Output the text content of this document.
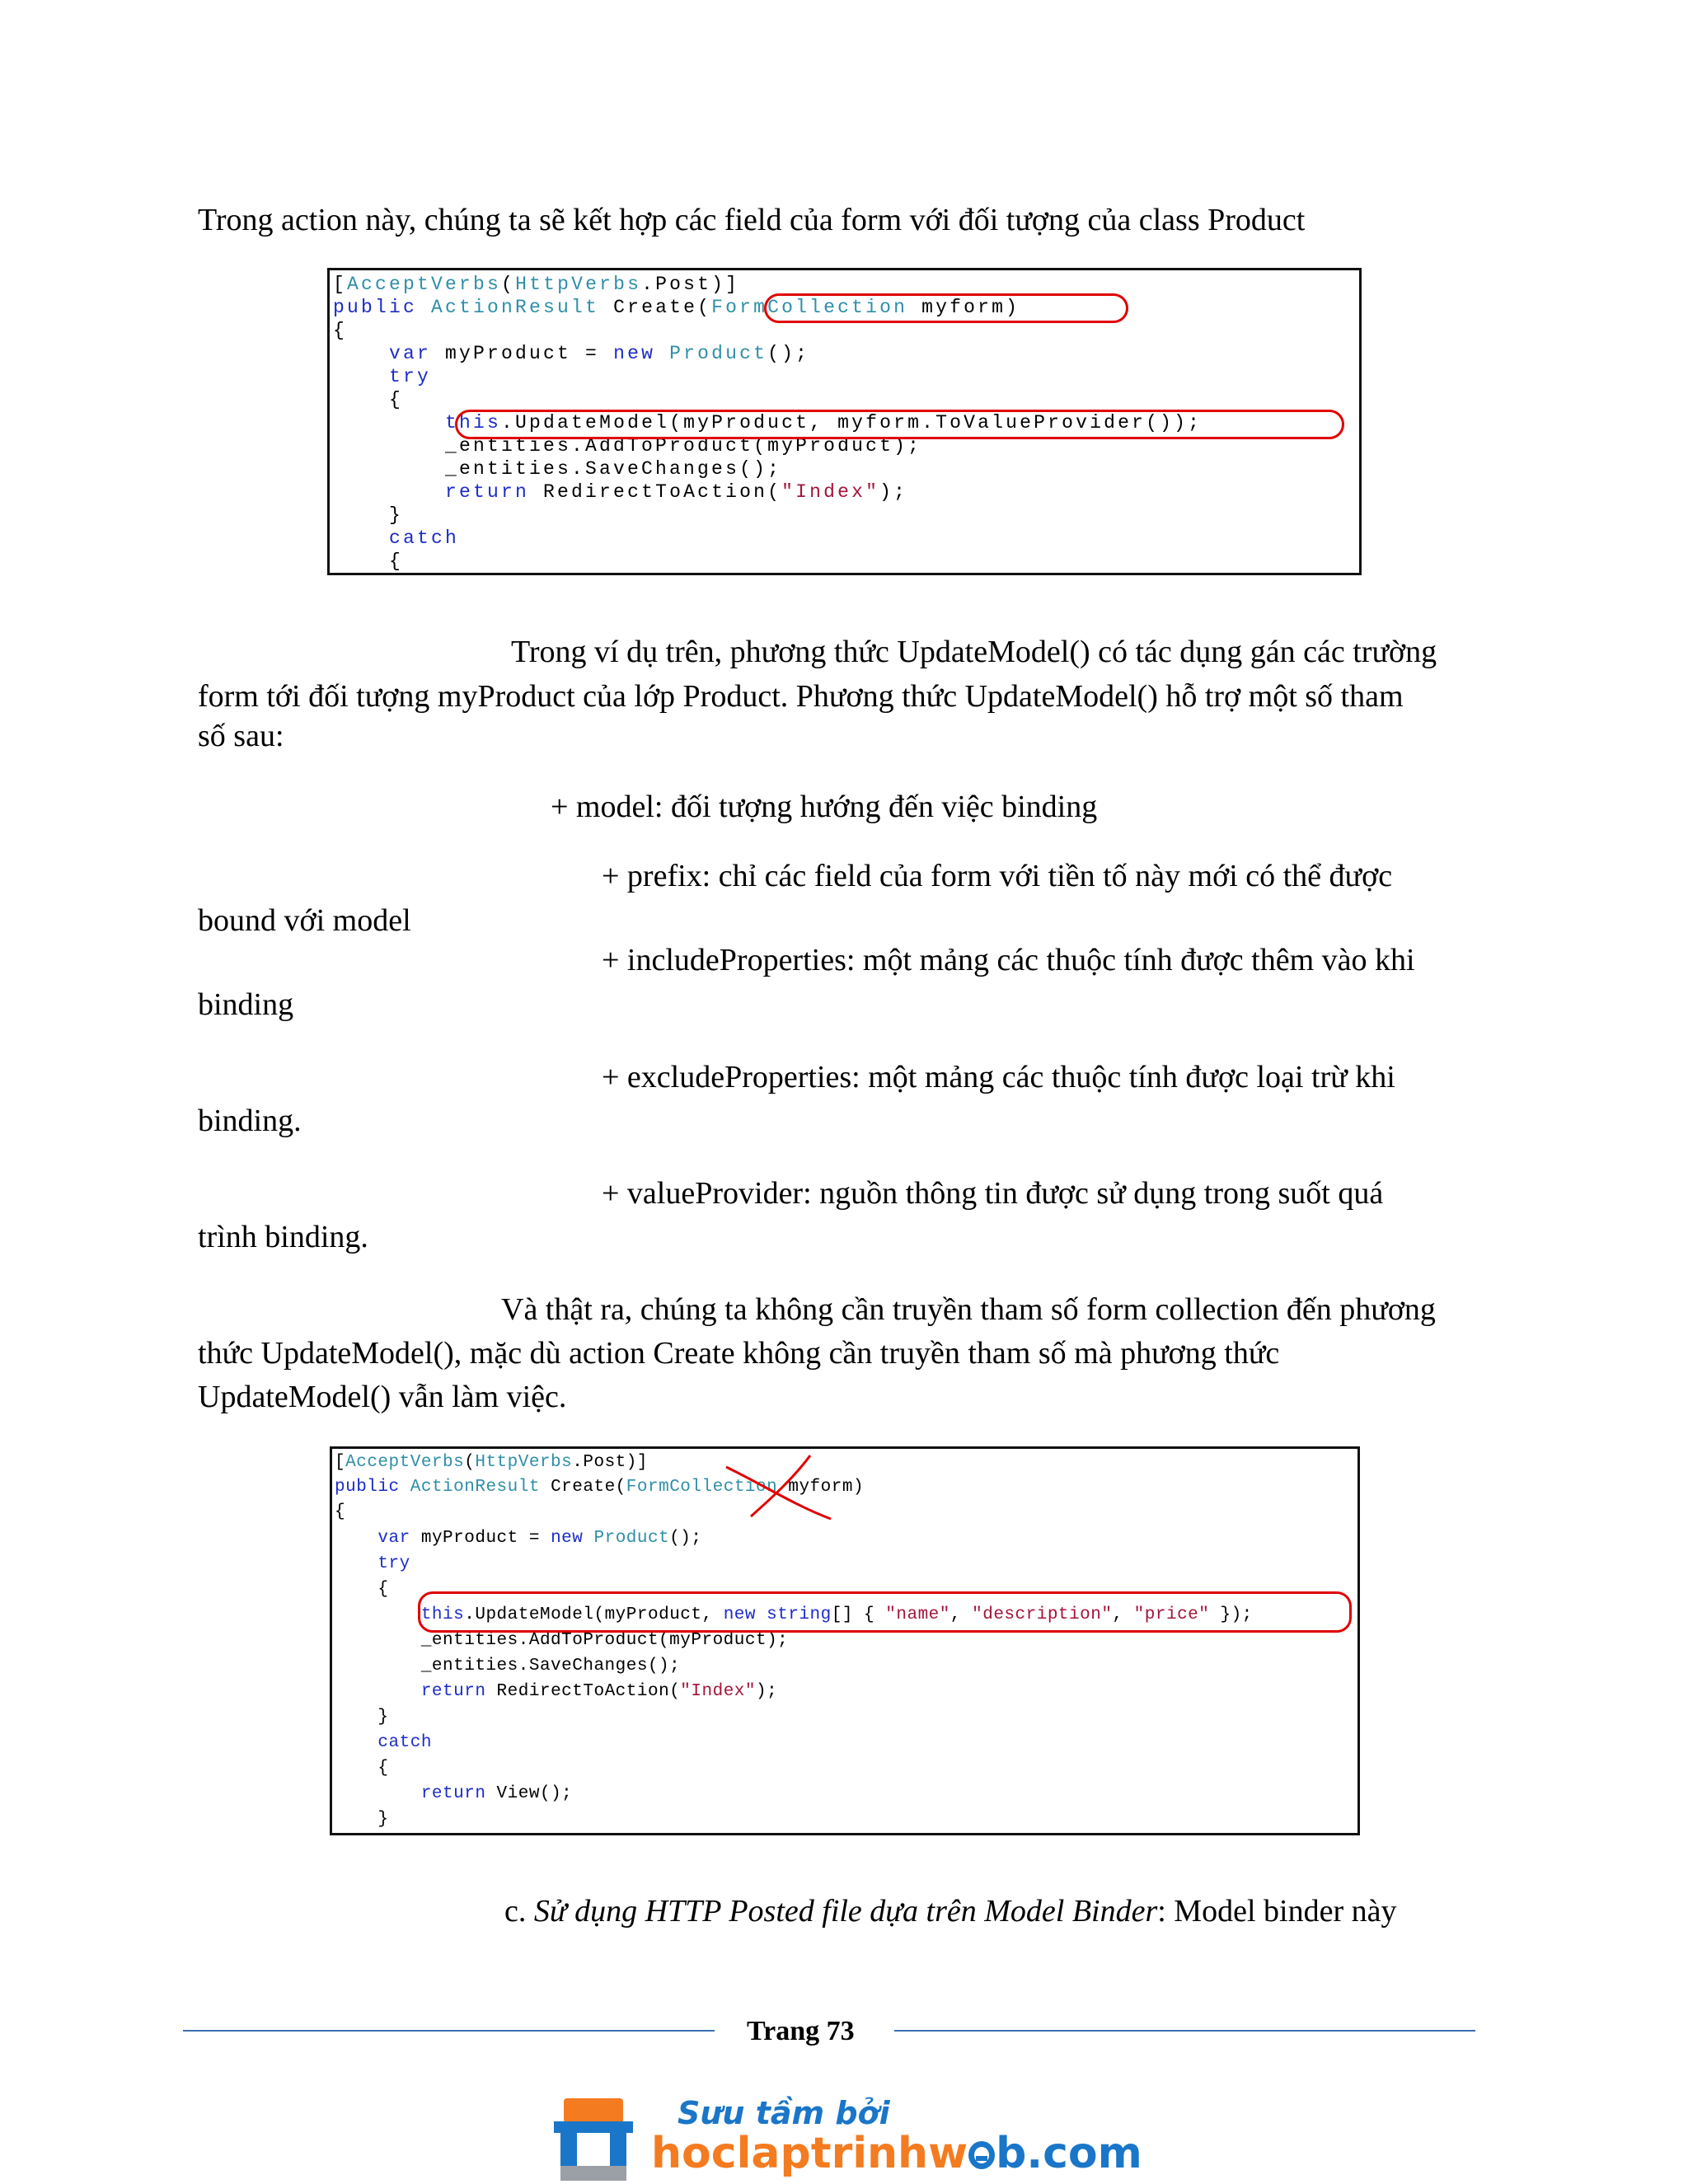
Trong action này, chúng ta sẽ kết hợp các field của form với đối tượng của class Product
[AcceptVerbs(HttpVerbs.Post)]
public ActionResult Create(FormCollection myform)
{
var myProduct = new Product();
try
{
this.UpdateModel(myProduct, myform.ToValueProvider());
_entities.AddToProduct(myProduct);
_entities.SaveChanges();
return RedirectToAction("Index");
}
catch
{
Trong ví dụ trên, phương thức UpdateModel() có tác dụng gán các trường
form tới đối tượng myProduct của lớp Product. Phương thức UpdateModel() hỗ trợ một số tham
số sau:
+ model: đối tượng hướng đến việc binding
+ prefix: chỉ các field của form với tiền tố này mới có thể được
bound với model
+ includeProperties: một mảng các thuộc tính được thêm vào khi
binding
+ excludeProperties: một mảng các thuộc tính được loại trừ khi
binding.
+ valueProvider: nguồn thông tin được sử dụng trong suốt quá
trình binding.
Và thật ra, chúng ta không cần truyền tham số form collection đến phương
thức UpdateModel(), mặc dù action Create không cần truyền tham số mà phương thức
UpdateModel() vẫn làm việc.
[AcceptVerbs(HttpVerbs.Post)]
public ActionResult Create(FormCollection myform)
{
var myProduct = new Product();
try
{
this.UpdateModel(myProduct, new string[] { "name", "description", "price" });
_entities.AddToProduct(myProduct);
_entities.SaveChanges();
return RedirectToAction("Index");
}
catch
{
return View();
}
c. Sử dụng HTTP Posted file dựa trên Model Binder: Model binder này
Trang 73
Sưu tầm bởi
hoclaptrinhw b.com
